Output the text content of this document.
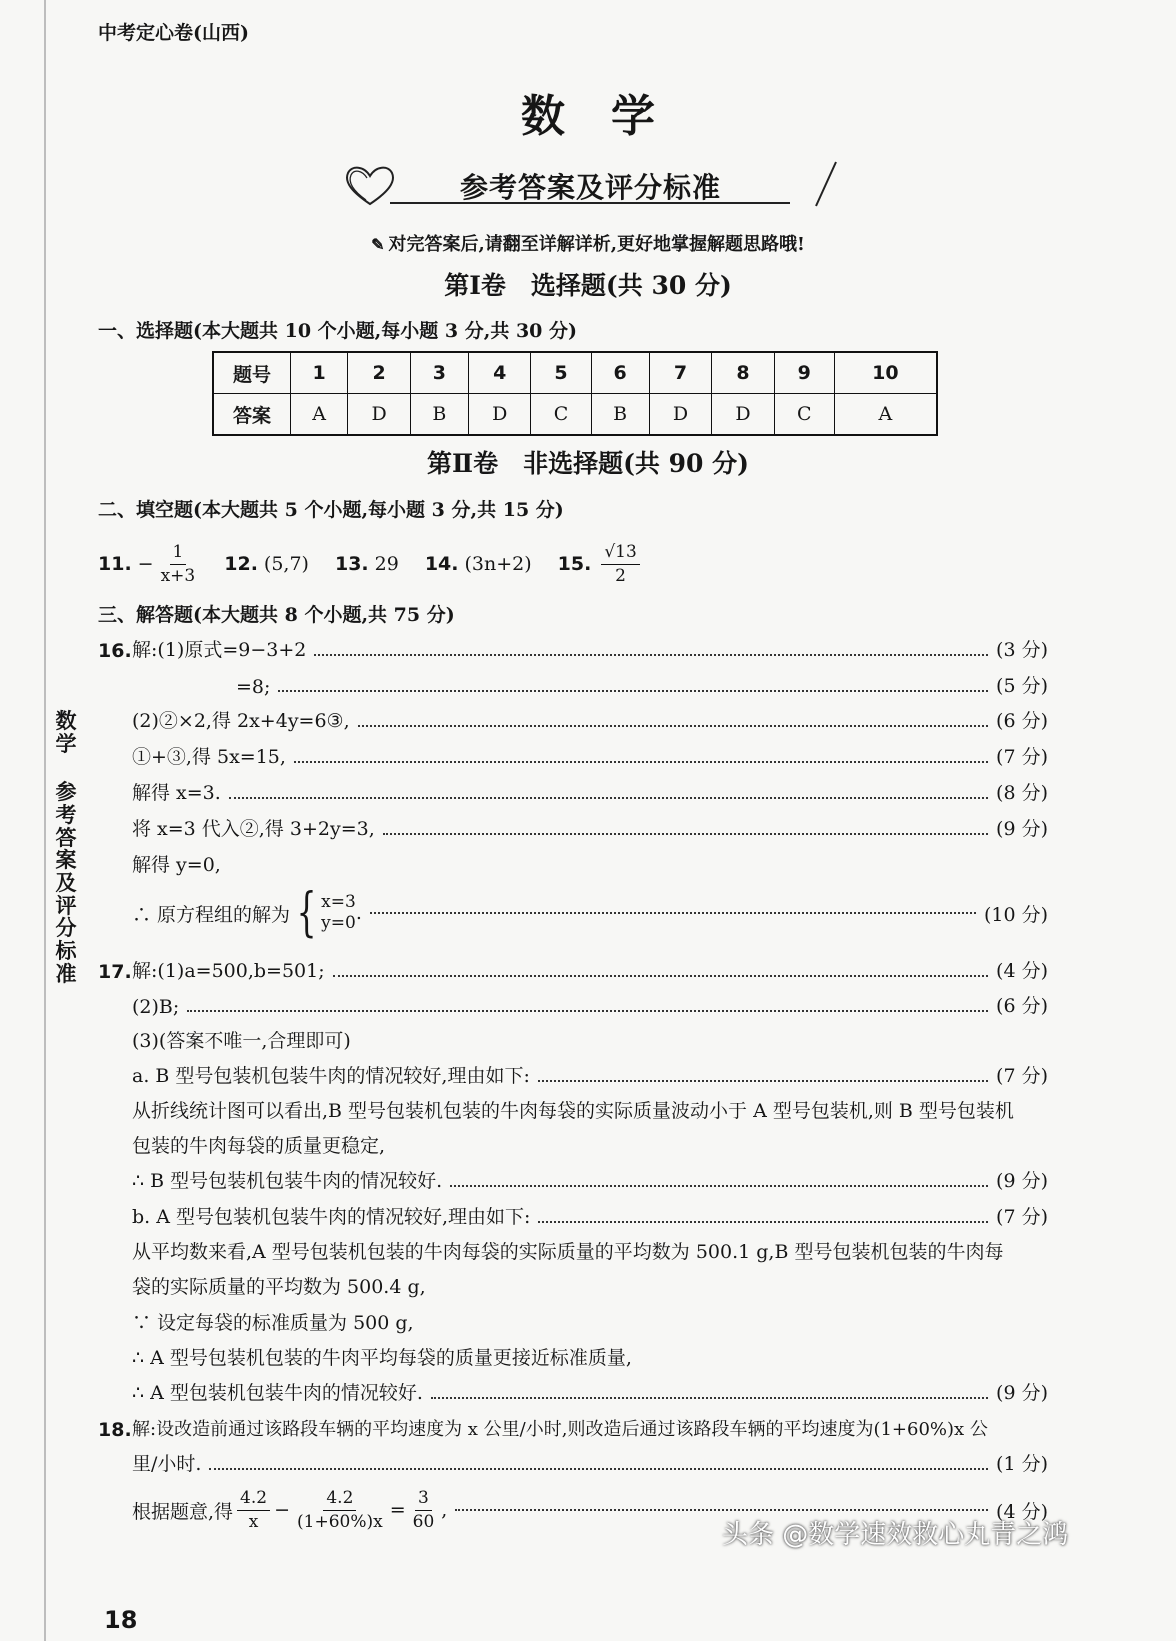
中考定心卷(山西)
数学
参考答案及评分标准
✎ 对完答案后,请翻至详解详析,更好地掌握解题思路哦!
第Ⅰ卷　选择题(共 30 分)
一、选择题(本大题共 10 个小题,每小题 3 分,共 30 分)
题号	1	2	3	4	5	6	7	8	9	10
答案	A	D	B	D	C	B	D	D	C	A
第Ⅱ卷　非选择题(共 90 分)
二、填空题(本大题共 5 个小题,每小题 3 分,共 15 分)
11. − $\frac{1}{x+3} 12$. (5,7) 13. 29 14. (3n+2) 15. $\frac{√13}{2}$
三、解答题(本大题共 8 个小题,共 75 分)
16. 解:(1)原式=9−3+2	(3 分)
=8;	(5 分)
(2)②×2,得 2x+4y=6③,	(6 分)
①+③,得 5x=15,	(7 分)
解得 x=3.	(8 分)
将 x=3 代入②,得 3+2y=3,	(9 分)
解得 y=0,
∴ 原方程组的解为 { x=3
y=0 .	(10 分)
17. 解:(1)a=500,b=501;	(4 分)
(2)B;	(6 分)
(3)(答案不唯一,合理即可)
a. B 型号包装机包装牛肉的情况较好,理由如下:	(7 分)
从折线统计图可以看出,B 型号包装机包装的牛肉每袋的实际质量波动小于 A 型号包装机,则 B 型号包装机
包装的牛肉每袋的质量更稳定,
∴ B 型号包装机包装牛肉的情况较好.	(9 分)
b. A 型号包装机包装牛肉的情况较好,理由如下:	(7 分)
从平均数来看,A 型号包装机包装的牛肉每袋的实际质量的平均数为 500.1 g,B 型号包装机包装的牛肉每
袋的实际质量的平均数为 500.4 g,
∵ 设定每袋的标准质量为 500 g,
∴ A 型号包装机包装的牛肉平均每袋的质量更接近标准质量,
∴ A 型包装机包装牛肉的情况较好.	(9 分)
18. 解:设改造前通过该路段车辆的平均速度为 x 公里/小时,则改造后通过该路段车辆的平均速度为(1+60%)x 公
里/小时.	(1 分)
根据题意,得 $\frac{4.2}{x} - \frac{4.2}{(1+60\%)x} = \frac{3}{60}$ ,	(4 分)
数
学
参
考
答
案
及
评
分
标
准
18
头条 @数学速效救心丸青之鸿
